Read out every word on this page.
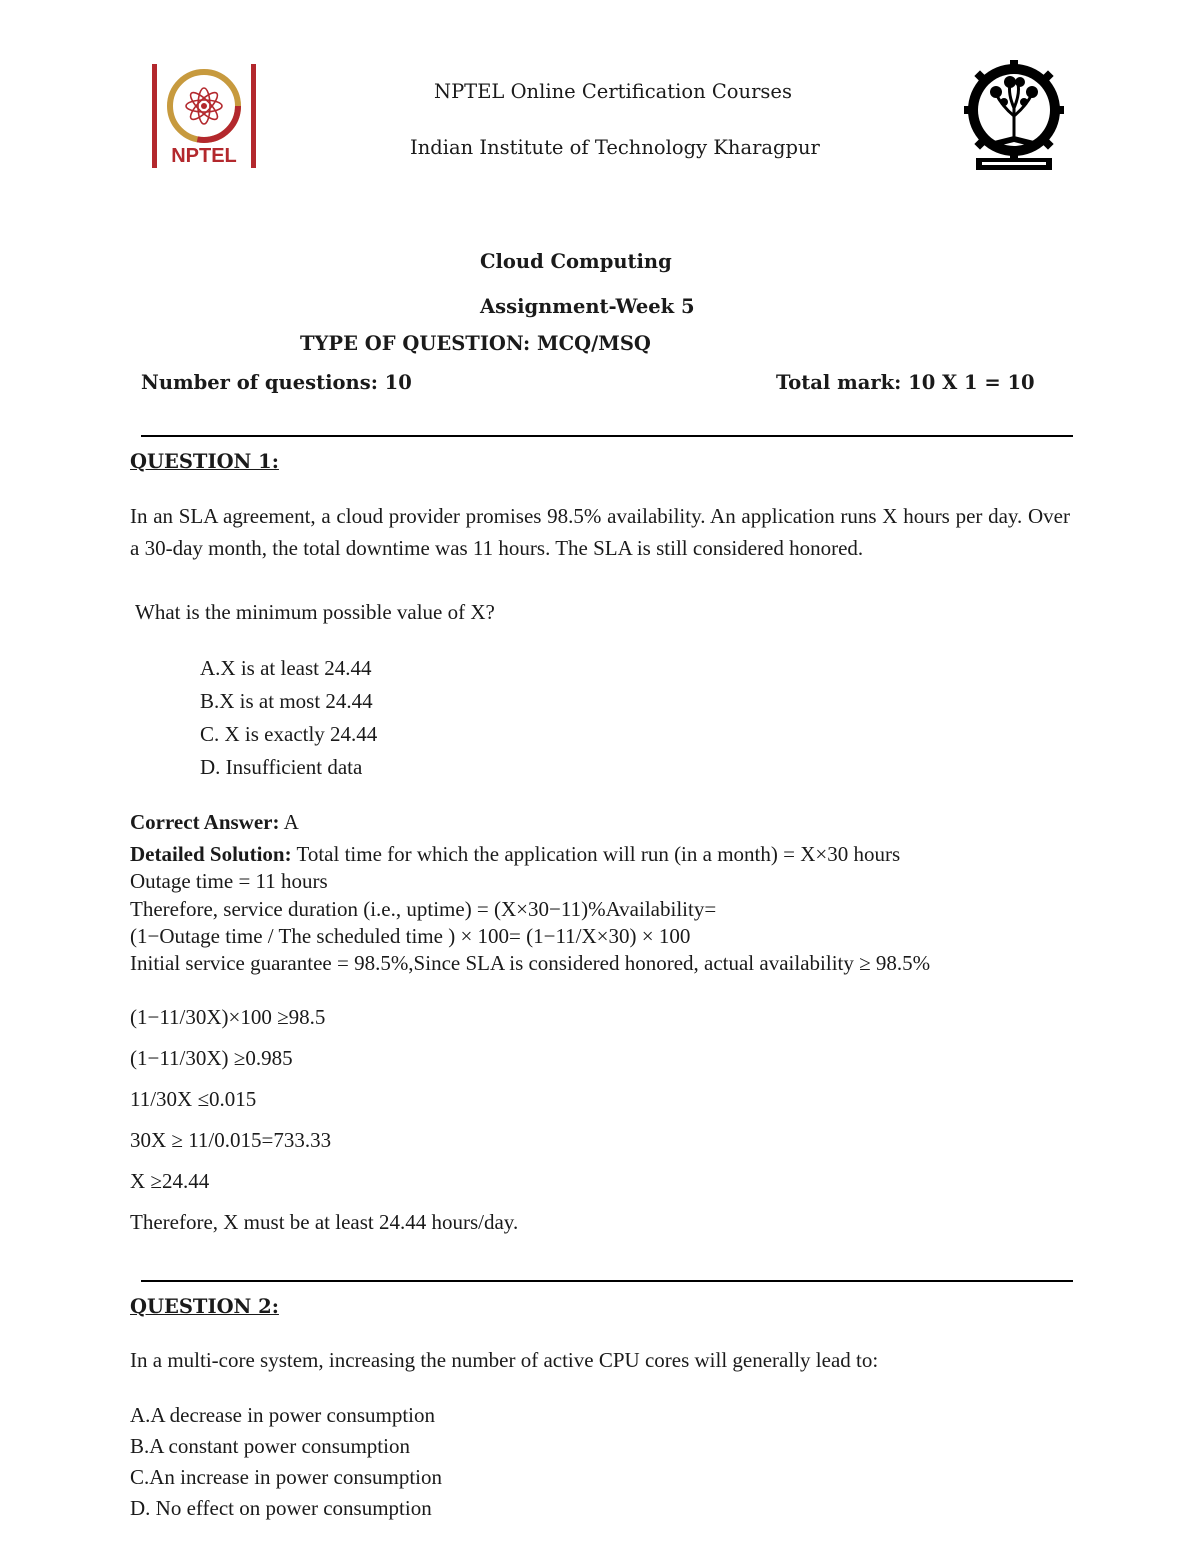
NPTEL
NPTEL Online Certification Courses
Indian Institute of Technology Kharagpur
Cloud Computing
Assignment-Week 5
TYPE OF QUESTION: MCQ/MSQ
Number of questions: 10	Total mark: 10 X 1 = 10
QUESTION 1:
In an SLA agreement, a cloud provider promises 98.5% availability. An application runs X hours per day. Over a 30-day month, the total downtime was 11 hours. The SLA is still considered honored.
What is the minimum possible value of X?
A.X is at least 24.44
B.X is at most 24.44
C. X is exactly 24.44
D. Insufficient data
Correct Answer: A
Detailed Solution: Total time for which the application will run (in a month) = X×30 hours
Outage time = 11 hours
Therefore, service duration (i.e., uptime) = (X×30−11)%Availability=
(1−Outage time / The scheduled time ) × 100= (1−11/X×30) × 100
Initial service guarantee = 98.5%,Since SLA is considered honored, actual availability ≥ 98.5%
(1−11/30X)×100 ≥98.5
(1−11/30X) ≥0.985
11/30X ≤0.015
30X ≥ 11/0.015=733.33
X ≥24.44
Therefore, X must be at least 24.44 hours/day.
QUESTION 2:
In a multi-core system, increasing the number of active CPU cores will generally lead to:
A.A decrease in power consumption
B.A constant power consumption
C.An increase in power consumption
D. No effect on power consumption
